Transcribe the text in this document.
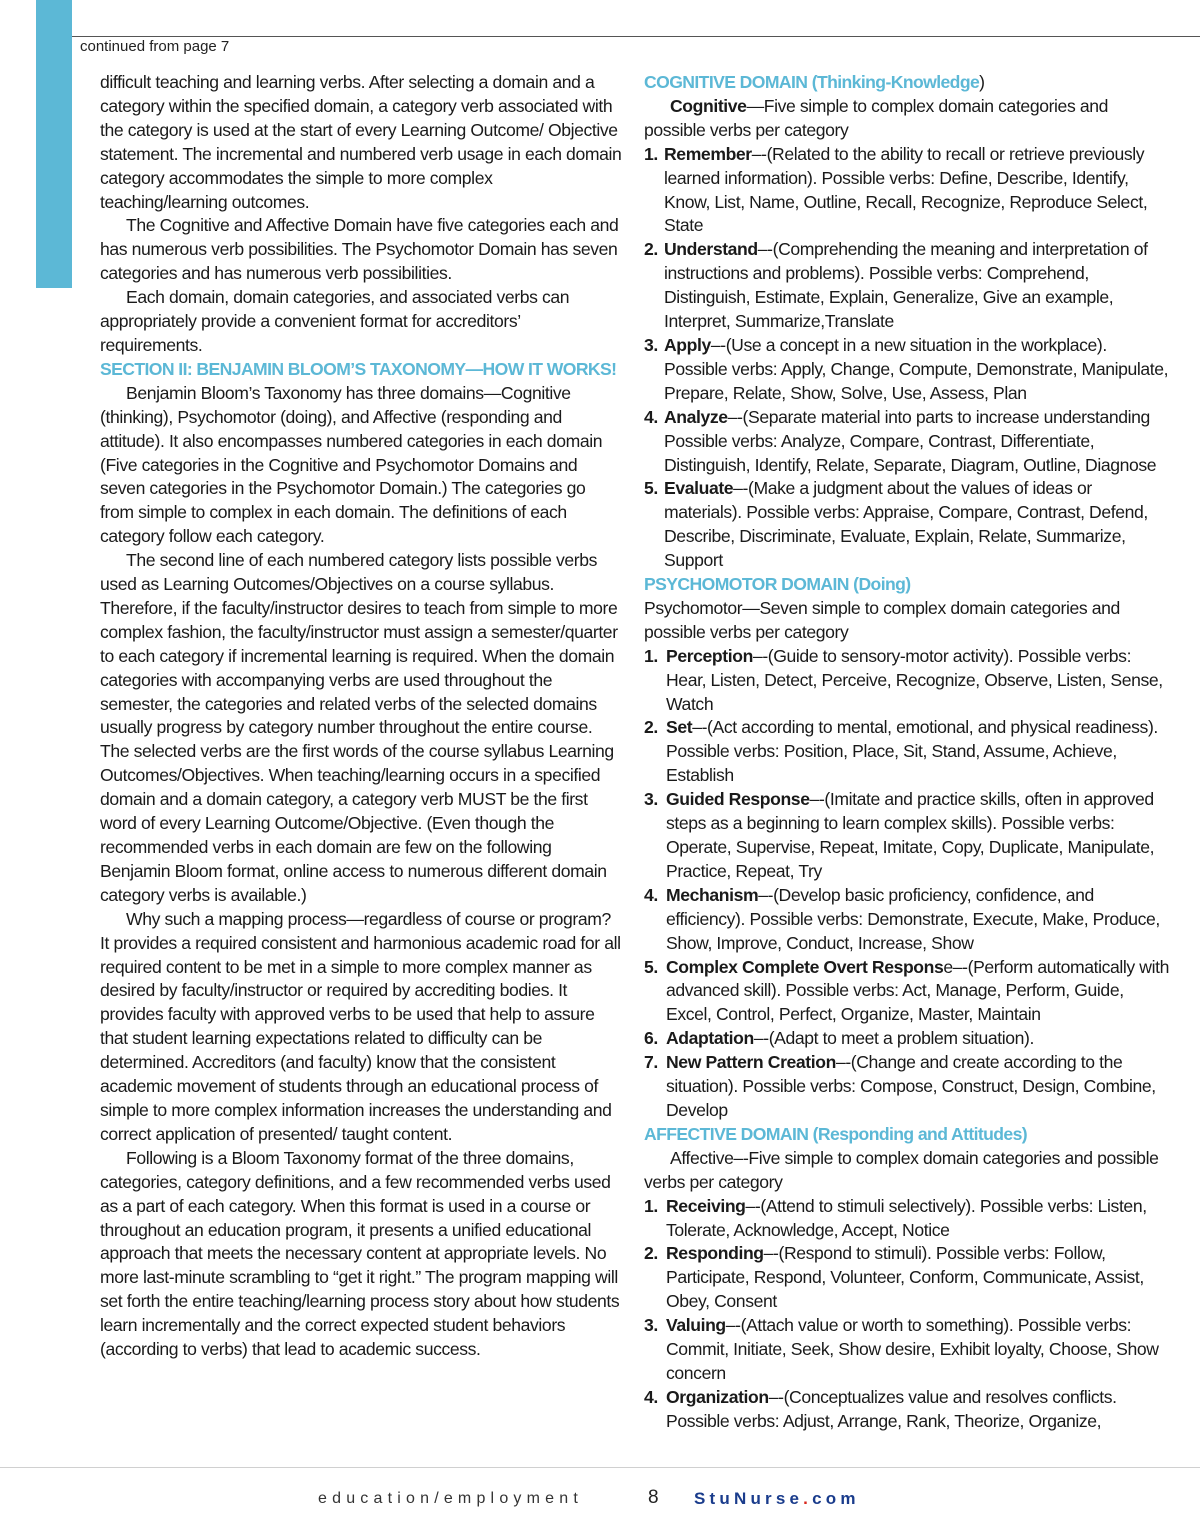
continued from page 7

difficult teaching and learning verbs. After selecting a domain and a category within the specified domain, a category verb associated with the category is used at the start of every Learning Outcome/ Objective statement. The incremental and numbered verb usage in each domain category accommodates the simple to more complex teaching/learning outcomes.

The Cognitive and Affective Domain have five categories each and has numerous verb possibilities. The Psychomotor Domain has seven categories and has numerous verb possibilities.

Each domain, domain categories, and associated verbs can appropriately provide a convenient format for accreditors’ requirements.

SECTION II: BENJAMIN BLOOM’S TAXONOMY—HOW IT WORKS!

Benjamin Bloom’s Taxonomy has three domains—Cognitive (thinking), Psychomotor (doing), and Affective (responding and attitude). It also encompasses numbered categories in each domain (Five categories in the Cognitive and Psychomotor Domains and seven categories in the Psychomotor Domain.) The categories go from simple to complex in each domain. The definitions of each category follow each category.

The second line of each numbered category lists possible verbs used as Learning Outcomes/Objectives on a course syllabus. Therefore, if the faculty/instructor desires to teach from simple to more complex fashion, the faculty/instructor must assign a semester/quarter to each category if incremental learning is required. When the domain categories with accompanying verbs are used throughout the semester, the categories and related verbs of the selected domains usually progress by category number throughout the entire course. The selected verbs are the first words of the course syllabus Learning Outcomes/Objectives. When teaching/learning occurs in a specified domain and a domain category, a category verb MUST be the first word of every Learning Outcome/Objective. (Even though the recommended verbs in each domain are few on the following Benjamin Bloom format, online access to numerous different domain category verbs is available.)

Why such a mapping process—regardless of course or program? It provides a required consistent and harmonious academic road for all required content to be met in a simple to more complex manner as desired by faculty/instructor or required by accrediting bodies. It provides faculty with approved verbs to be used that help to assure that student learning expectations related to difficulty can be determined. Accreditors (and faculty) know that the consistent academic movement of students through an educational process of simple to more complex information increases the understanding and correct application of presented/ taught content.

Following is a Bloom Taxonomy format of the three domains, categories, category definitions, and a few recommended verbs used as a part of each category. When this format is used in a course or throughout an education program, it presents a unified educational approach that meets the necessary content at appropriate levels. No more last-minute scrambling to “get it right.” The program mapping will set forth the entire teaching/learning process story about how students learn incrementally and the correct expected student behaviors (according to verbs) that lead to academic success.

COGNITIVE DOMAIN (Thinking-Knowledge)

Cognitive—Five simple to complex domain categories and possible verbs per category

1. Remember–-(Related to the ability to recall or retrieve previously learned information). Possible verbs: Define, Describe, Identify, Know, List, Name, Outline, Recall, Recognize, Reproduce Select, State
2. Understand–-(Comprehending the meaning and interpretation of instructions and problems). Possible verbs: Comprehend, Distinguish, Estimate, Explain, Generalize, Give an example, Interpret, Summarize,Translate
3. Apply–-(Use a concept in a new situation in the workplace). Possible verbs: Apply, Change, Compute, Demonstrate, Manipulate, Prepare, Relate, Show, Solve, Use, Assess, Plan
4. Analyze–-(Separate material into parts to increase understanding Possible verbs: Analyze, Compare, Contrast, Differentiate, Distinguish, Identify, Relate, Separate, Diagram, Outline, Diagnose
5. Evaluate–-(Make a judgment about the values of ideas or materials). Possible verbs: Appraise, Compare, Contrast, Defend, Describe, Discriminate, Evaluate, Explain, Relate, Summarize, Support

PSYCHOMOTOR DOMAIN (Doing)

Psychomotor—Seven simple to complex domain categories and possible verbs per category

1. Perception–-(Guide to sensory-motor activity). Possible verbs: Hear, Listen, Detect, Perceive, Recognize, Observe, Listen, Sense, Watch
2. Set–-(Act according to mental, emotional, and physical readiness). Possible verbs: Position, Place, Sit, Stand, Assume, Achieve, Establish
3. Guided Response–-(Imitate and practice skills, often in approved steps as a beginning to learn complex skills). Possible verbs: Operate, Supervise, Repeat, Imitate, Copy, Duplicate, Manipulate, Practice, Repeat, Try
4. Mechanism–-(Develop basic proficiency, confidence, and efficiency). Possible verbs: Demonstrate, Execute, Make, Produce, Show, Improve, Conduct, Increase, Show
5. Complex Complete Overt Response–-(Perform automatically with advanced skill). Possible verbs: Act, Manage, Perform, Guide, Excel, Control, Perfect, Organize, Master, Maintain
6. Adaptation–-(Adapt to meet a problem situation).
7. New Pattern Creation–-(Change and create according to the situation). Possible verbs: Compose, Construct, Design, Combine, Develop

AFFECTIVE DOMAIN (Responding and Attitudes)

Affective–-Five simple to complex domain categories and possible verbs per category

1. Receiving–-(Attend to stimuli selectively). Possible verbs: Listen, Tolerate, Acknowledge, Accept, Notice
2. Responding–-(Respond to stimuli). Possible verbs: Follow, Participate, Respond, Volunteer, Conform, Communicate, Assist, Obey, Consent
3. Valuing–-(Attach value or worth to something). Possible verbs: Commit, Initiate, Seek, Show desire, Exhibit loyalty, Choose, Show concern
4. Organization–-(Conceptualizes value and resolves conflicts. Possible verbs: Adjust, Arrange, Rank, Theorize, Organize,
education/employment	8 StuNurse.com
